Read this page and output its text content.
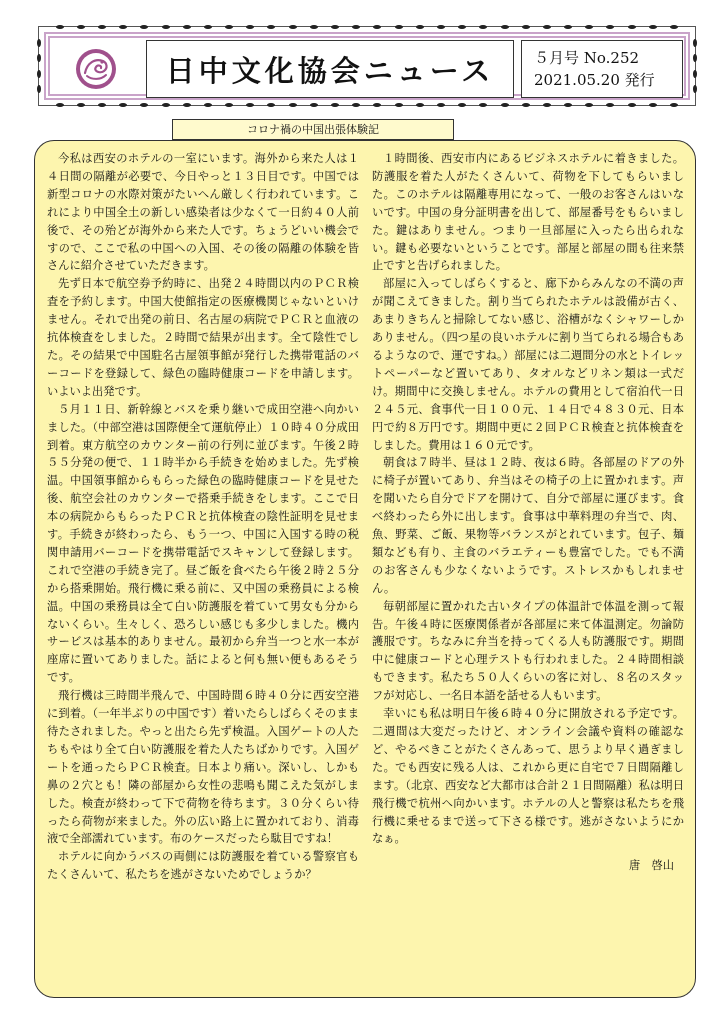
日中文化協会ニュース	５月号 No.252
2021.05.20 発行
コロナ禍の中国出張体験記

今私は西安のホテルの一室にいます。海外から来た人は１４日間の隔離が必要で、今日やっと１３日目です。中国では新型コロナの水際対策がたいへん厳しく行われています。これにより中国全土の新しい感染者は少なくて一日約４０人前後で、その殆どが海外から来た人です。ちょうどいい機会ですので、ここで私の中国への入国、その後の隔離の体験を皆さんに紹介させていただきます。

先ず日本で航空券予約時に、出発２４時間以内のＰＣＲ検査を予約します。中国大使館指定の医療機関じゃないといけません。それで出発の前日、名古屋の病院でＰＣＲと血液の抗体検査をしました。２時間で結果が出ます。全て陰性でした。その結果で中国駐名古屋領事館が発行した携帯電話のバーコードを登録して、緑色の臨時健康コードを申請します。いよいよ出発です。

５月１１日、新幹線とバスを乗り継いで成田空港へ向かいました。（中部空港は国際便全て運航停止）１０時４０分成田到着。東方航空のカウンター前の行列に並びます。午後２時５５分発の便で、１１時半から手続きを始めました。先ず検温。中国領事館からもらった緑色の臨時健康コードを見せた後、航空会社のカウンターで搭乗手続きをします。ここで日本の病院からもらったＰＣＲと抗体検査の陰性証明を見せます。手続きが終わったら、もう一つ、中国に入国する時の税関申請用バーコードを携帯電話でスキャンして登録します。これで空港の手続き完了。昼ご飯を食べたら午後２時２５分から搭乗開始。飛行機に乗る前に、又中国の乗務員による検温。中国の乗務員は全て白い防護服を着ていて男女も分からないくらい。生々しく、恐ろしい感じも多少しました。機内サービスは基本的ありません。最初から弁当一つと水一本が座席に置いてありました。話によると何も無い便もあるそうです。

飛行機は三時間半飛んで、中国時間６時４０分に西安空港に到着。（一年半ぶりの中国です）着いたらしばらくそのまま待たされました。やっと出たら先ず検温。入国ゲートの人たちもやはり全て白い防護服を着た人たちばかりです。入国ゲートを通ったらＰＣＲ検査。日本より痛い。深いし、しかも鼻の２穴とも！隣の部屋から女性の悲鳴も聞こえた気がしました。検査が終わって下で荷物を待ちます。３０分くらい待ったら荷物が来ました。外の広い路上に置かれており、消毒液で全部濡れています。布のケースだったら駄目ですね！

ホテルに向かうバスの両側には防護服を着ている警察官もたくさんいて、私たちを逃がさないためでしょうか？

１時間後、西安市内にあるビジネスホテルに着きました。防護服を着た人がたくさんいて、荷物を下してもらいました。このホテルは隔離専用になって、一般のお客さんはいないです。中国の身分証明書を出して、部屋番号をもらいました。鍵はありません。つまり一旦部屋に入ったら出られない。鍵も必要ないということです。部屋と部屋の間も往来禁止ですと告げられました。

部屋に入ってしばらくすると、廊下からみんなの不満の声が聞こえてきました。割り当てられたホテルは設備が古く、あまりきちんと掃除してない感じ、浴槽がなくシャワーしかありません。（四つ星の良いホテルに割り当てられる場合もあるようなので、運ですね。）部屋には二週間分の水とトイレットペーパーなど置いてあり、タオルなどリネン類は一式だけ。期間中に交換しません。ホテルの費用として宿泊代一日２４５元、食事代一日１００元、１４日で４８３０元、日本円で約８万円です。期間中更に２回ＰＣＲ検査と抗体検査をしました。費用は１６０元です。

朝食は７時半、昼は１２時、夜は６時。各部屋のドアの外に椅子が置いてあり、弁当はその椅子の上に置かれます。声を聞いたら自分でドアを開けて、自分で部屋に運びます。食べ終わったら外に出します。食事は中華料理の弁当で、肉、魚、野菜、ご飯、果物等バランスがとれています。包子、麺類なども有り、主食のバラエティーも豊富でした。でも不満のお客さんも少なくないようです。ストレスかもしれません。

毎朝部屋に置かれた古いタイプの体温計で体温を測って報告。午後４時に医療関係者が各部屋に来て体温測定。勿論防護服です。ちなみに弁当を持ってくる人も防護服です。期間中に健康コードと心理テストも行われました。２４時間相談もできます。私たち５０人くらいの客に対し、８名のスタッフが対応し、一名日本語を話せる人もいます。

幸いにも私は明日午後６時４０分に開放される予定です。二週間は大変だったけど、オンライン会議や資料の確認など、やるべきことがたくさんあって、思うより早く過ぎました。でも西安に残る人は、これから更に自宅で７日間隔離します。（北京、西安など大都市は合計２１日間隔離）私は明日飛行機で杭州へ向かいます。ホテルの人と警察は私たちを飛行機に乗せるまで送って下さる様です。逃がさないようにかなぁ。

唐　啓山
